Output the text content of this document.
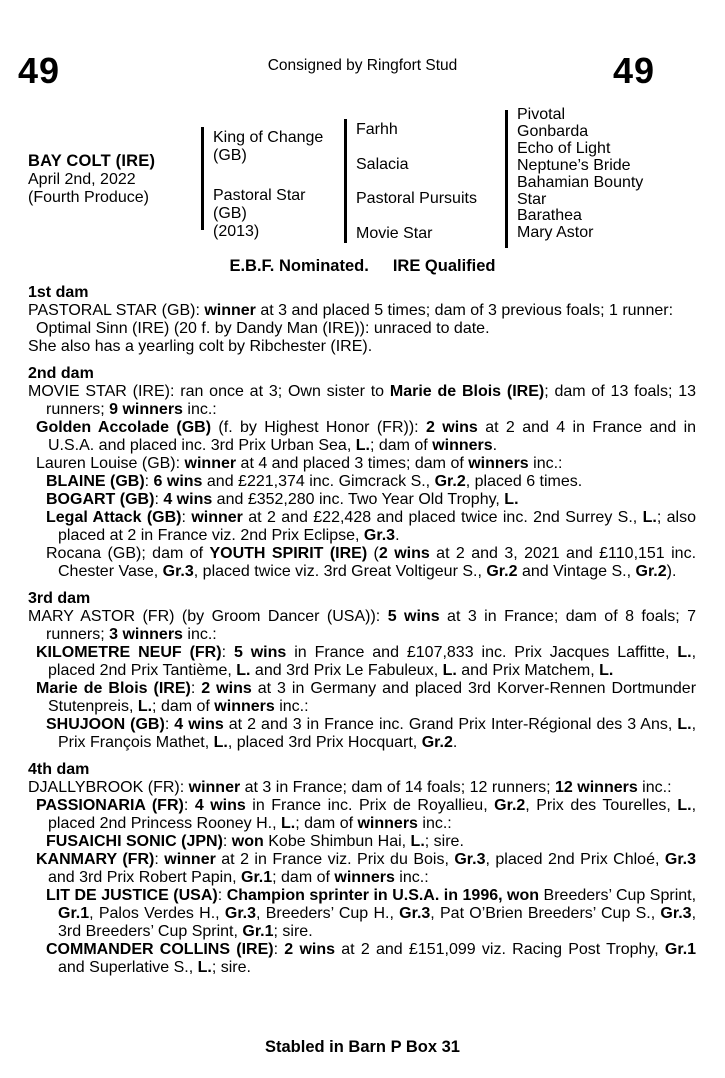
49	Consigned by Ringfort Stud	49
BAY COLT (IRE)
April 2nd, 2022
(Fourth Produce)
King of Change
(GB)
Pastoral Star
(GB)
(2013)
Farhh
Salacia
Pastoral Pursuits
Movie Star
Pivotal
Gonbarda
Echo of Light
Neptune’s Bride
Bahamian Bounty
Star
Barathea
Mary Astor
E.B.F. Nominated. IRE Qualified
1st dam
PASTORAL STAR (GB): winner at 3 and placed 5 times; dam of 3 previous foals; 1 runner:
Optimal Sinn (IRE) (20 f. by Dandy Man (IRE)): unraced to date.
She also has a yearling colt by Ribchester (IRE).
2nd dam
MOVIE STAR (IRE): ran once at 3; Own sister to Marie de Blois (IRE); dam of 13 foals; 13 runners; 9 winners inc.:
Golden Accolade (GB) (f. by Highest Honor (FR)): 2 wins at 2 and 4 in France and in U.S.A. and placed inc. 3rd Prix Urban Sea, L.; dam of winners.
Lauren Louise (GB): winner at 4 and placed 3 times; dam of winners inc.:
BLAINE (GB): 6 wins and £221,374 inc. Gimcrack S., Gr.2, placed 6 times.
BOGART (GB): 4 wins and £352,280 inc. Two Year Old Trophy, L.
Legal Attack (GB): winner at 2 and £22,428 and placed twice inc. 2nd Surrey S., L.; also placed at 2 in France viz. 2nd Prix Eclipse, Gr.3.
Rocana (GB); dam of YOUTH SPIRIT (IRE) (2 wins at 2 and 3, 2021 and £110,151 inc. Chester Vase, Gr.3, placed twice viz. 3rd Great Voltigeur S., Gr.2 and Vintage S., Gr.2).
3rd dam
MARY ASTOR (FR) (by Groom Dancer (USA)): 5 wins at 3 in France; dam of 8 foals; 7 runners; 3 winners inc.:
KILOMETRE NEUF (FR): 5 wins in France and £107,833 inc. Prix Jacques Laffitte, L., placed 2nd Prix Tantième, L. and 3rd Prix Le Fabuleux, L. and Prix Matchem, L.
Marie de Blois (IRE): 2 wins at 3 in Germany and placed 3rd Korver-Rennen Dortmunder Stutenpreis, L.; dam of winners inc.:
SHUJOON (GB): 4 wins at 2 and 3 in France inc. Grand Prix Inter-Régional des 3 Ans, L., Prix François Mathet, L., placed 3rd Prix Hocquart, Gr.2.
4th dam
DJALLYBROOK (FR): winner at 3 in France; dam of 14 foals; 12 runners; 12 winners inc.:
PASSIONARIA (FR): 4 wins in France inc. Prix de Royallieu, Gr.2, Prix des Tourelles, L., placed 2nd Princess Rooney H., L.; dam of winners inc.:
FUSAICHI SONIC (JPN): won Kobe Shimbun Hai, L.; sire.
KANMARY (FR): winner at 2 in France viz. Prix du Bois, Gr.3, placed 2nd Prix Chloé, Gr.3 and 3rd Prix Robert Papin, Gr.1; dam of winners inc.:
LIT DE JUSTICE (USA): Champion sprinter in U.S.A. in 1996, won Breeders’ Cup Sprint, Gr.1, Palos Verdes H., Gr.3, Breeders’ Cup H., Gr.3, Pat O’Brien Breeders’ Cup S., Gr.3, 3rd Breeders’ Cup Sprint, Gr.1; sire.
COMMANDER COLLINS (IRE): 2 wins at 2 and £151,099 viz. Racing Post Trophy, Gr.1 and Superlative S., L.; sire.
Stabled in Barn P Box 31
